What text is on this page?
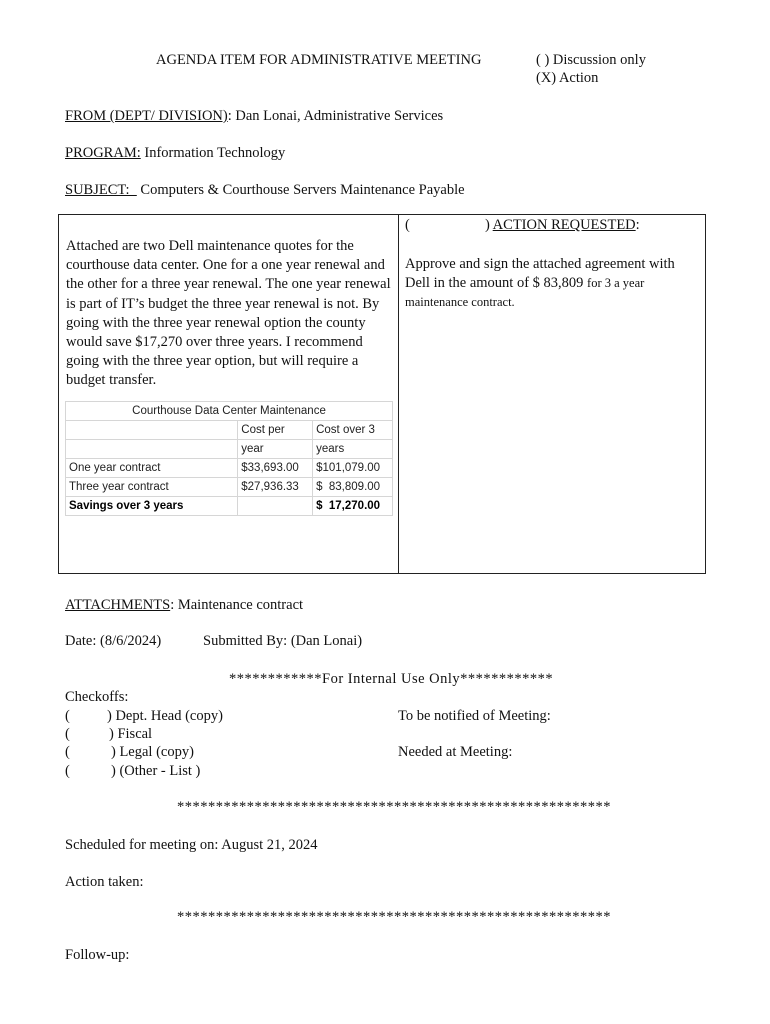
AGENDA ITEM FOR ADMINISTRATIVE MEETING	( ) Discussion only
(X) Action
FROM (DEPT/ DIVISION): Dan Lonai, Administrative Services
PROGRAM: Information Technology
SUBJECT:   Computers & Courthouse Servers Maintenance Payable
Attached are two Dell maintenance quotes for the courthouse data center. One for a one year renewal and the other for a three year renewal. The one year renewal is part of IT’s budget the three year renewal is not. By going with the three year renewal option the county would save $17,270 over three years. I recommend going with the three year option, but will require a budget transfer.
Courthouse Data Center Maintenance		
	Cost per	Cost over 3
	year	years
One year contract	$33,693.00	$101,079.00
Three year contract	$27,936.33	$  83,809.00
Savings over 3 years		$  17,270.00
(	) ACTION REQUESTED:
Approve and sign the attached agreement with Dell in the amount of $ 83,809 for 3 a year maintenance contract.
ATTACHMENTS: Maintenance contract
Date: (8/6/2024)	Submitted By: (Dan Lonai)
************For Internal Use Only************
Checkoffs:
(	) Dept. Head (copy)
(	) Fiscal
(	) Legal (copy)
(	) (Other - List )
To be notified of Meeting:
Needed at Meeting:
********************************************************
Scheduled for meeting on: August 21, 2024
Action taken:
********************************************************
Follow-up:
